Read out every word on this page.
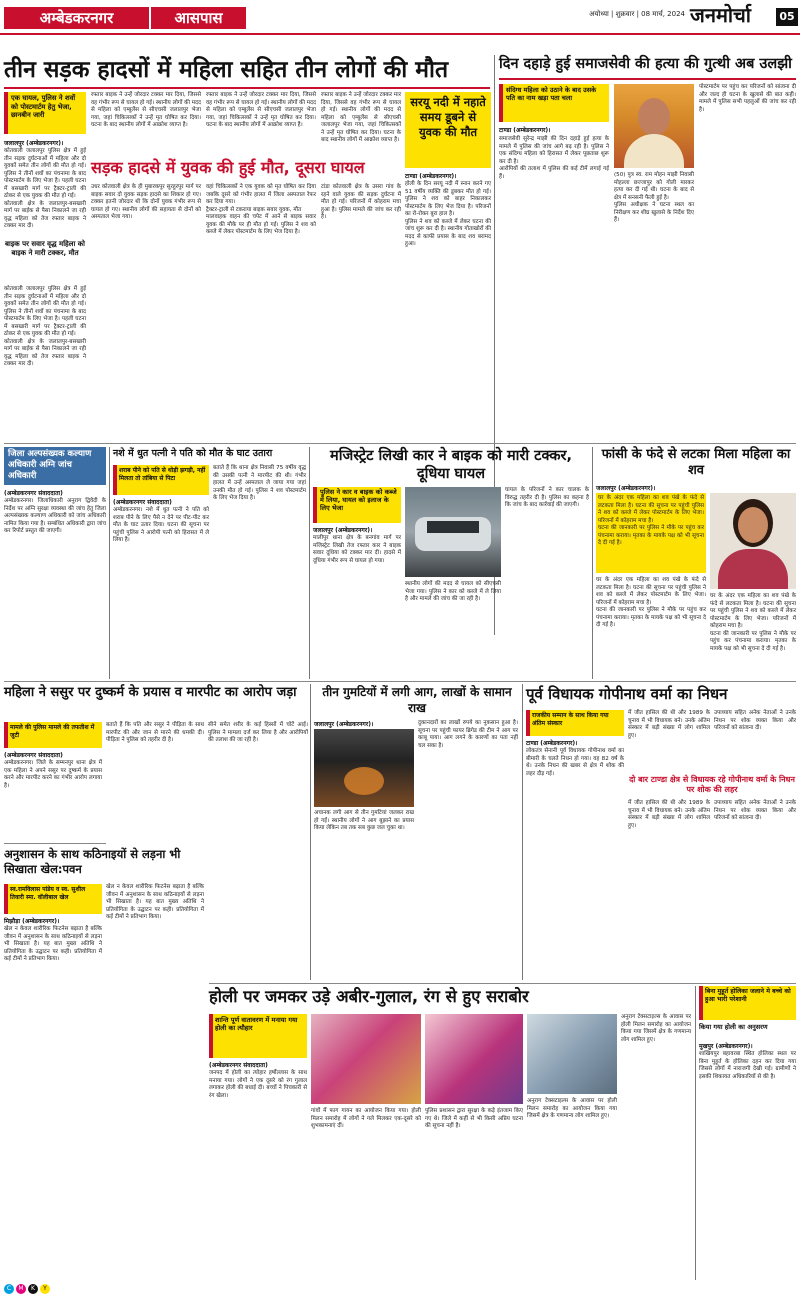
अम्बेडकरनगर	आसपास	अयोध्या | शुक्रवार | 08 मार्च, 2024 जनमोर्चा	05
तीन सड़क हादसों में महिला सहित तीन लोगों की मौत
एक घायल, पुलिस ने शवों को पोस्टमार्टम हेतु भेजा, छानबीन जारी
जलालपुर (अम्बेडकरनगर)।
कोतवाली जलालपुर पुलिस क्षेत्र में हुई तीन सड़क दुर्घटनाओं में महिला और दो युवकों समेत तीन लोगों की मौत हो गई। पुलिस ने तीनों शवों का पंचनामा के बाद पोस्टमार्टम के लिए भेजा है। पहली घटना में बसखारी मार्ग पर ट्रैक्टर-ट्राली की ठोकर से एक युवक की मौत हो गई।
कोतवाली क्षेत्र के जलालपुर-बसखारी मार्ग पर बाईक से पैसा निकालने जा रही वृद्ध महिला को तेज रफ्तार बाइक ने टक्कर मार दी।
बाइक पर सवार वृद्ध महिला को बाइक ने मारी टक्कर, मौत
कोतवाली जलालपुर पुलिस क्षेत्र में हुई तीन सड़क दुर्घटनाओं में महिला और दो युवकों समेत तीन लोगों की मौत हो गई। पुलिस ने तीनों शवों का पंचनामा के बाद पोस्टमार्टम के लिए भेजा है। पहली घटना में बसखारी मार्ग पर ट्रैक्टर-ट्राली की ठोकर से एक युवक की मौत हो गई।
कोतवाली क्षेत्र के जलालपुर-बसखारी मार्ग पर बाईक से पैसा निकालने जा रही वृद्ध महिला को तेज रफ्तार बाइक ने टक्कर मार दी।
रफ्तार बाइक ने उन्हें जोरदार टक्कर मार दिया, जिससे वह गंभीर रूप से घायल हो गई। स्थानीय लोगों की मदद से महिला को एम्बुलेंस से सीएचसी जलालपुर भेजा गया, जहां चिकित्सकों ने उन्हें मृत घोषित कर दिया। घटना के बाद स्थानीय लोगों में आक्रोश व्याप्त है।
रफ्तार बाइक ने उन्हें जोरदार टक्कर मार दिया, जिससे वह गंभीर रूप से घायल हो गई। स्थानीय लोगों की मदद से महिला को एम्बुलेंस से सीएचसी जलालपुर भेजा गया, जहां चिकित्सकों ने उन्हें मृत घोषित कर दिया। घटना के बाद स्थानीय लोगों में आक्रोश व्याप्त है।
रफ्तार बाइक ने उन्हें जोरदार टक्कर मार दिया, जिससे वह गंभीर रूप से घायल हो गई। स्थानीय लोगों की मदद से महिला को एम्बुलेंस से सीएचसी जलालपुर भेजा गया, जहां चिकित्सकों ने उन्हें मृत घोषित कर दिया। घटना के बाद स्थानीय लोगों में आक्रोश व्याप्त है।
सड़क हादसे में युवक की हुई मौत, दूसरा घायल
उधर कोतवाली क्षेत्र के ही मुबारकपुर सुरहुरपुर मार्ग पर बाइक सवार दो युवक सड़क हादसे का शिकार हो गए। टक्कर इतनी जोरदार थी कि दोनों युवक गंभीर रूप से घायल हो गए। स्थानीय लोगों की सहायता से दोनों को अस्पताल भेजा गया।
वहां चिकित्सकों ने एक युवक को मृत घोषित कर दिया जबकि दूसरे को गंभीर हालत में जिला अस्पताल रेफर कर दिया गया।
ट्रैक्टर-ट्राली से टकराया बाइक सवार युवक, मौत
मालवाहक वाहन की चपेट में आने से बाइक सवार युवक की मौके पर ही मौत हो गई। पुलिस ने शव को कब्जे में लेकर पोस्टमार्टम के लिए भेज दिया है।
टांडा कोतवाली क्षेत्र के उसरा गांव के रहने वाले युवक की सड़क दुर्घटना में मौत हो गई। परिजनों में कोहराम मचा हुआ है। पुलिस मामले की जांच कर रही है।
सरयू नदी में नहाते समय डूबने से युवक की मौत
टाण्डा (अम्बेडकरनगर)।
होली के दिन सरयू नदी में स्नान करने गए 51 वर्षीय व्यक्ति की डूबकर मौत हो गई। पुलिस ने शव को बाहर निकालकर पोस्टमार्टम के लिए भेज दिया है। परिजनों का रो-रोकर बुरा हाल है।
पुलिस ने शव को कब्जे में लेकर घटना की जांच शुरू कर दी है। स्थानीय गोताखोरों की मदद से काफी प्रयास के बाद शव बरामद हुआ।
दिन दहाड़े हुई समाजसेवी की हत्या की गुत्थी अब उलझी
संदिग्ध महिला को उठाने के बाद उसके पति का नाम खड़ा पता चला
टाण्डा (अम्बेडकरनगर)।
समाजसेवी सुरेन्द्र माझी की दिन दहाड़े हुई हत्या के मामले में पुलिस की जांच आगे बढ़ रही है। पुलिस ने एक संदिग्ध महिला को हिरासत में लेकर पूछताछ शुरू कर दी है।
आरोपियों की तलाश में पुलिस की कई टीमें लगाई गई हैं।	(50) पुत्र स्व. राम मोहन माझी निवासी मोहल्ला छज्जापुर को गोली मारकर हत्या कर दी गई थी। घटना के बाद से क्षेत्र में सनसनी फैली हुई है।
पुलिस अधीक्षक ने घटना स्थल का निरीक्षण कर शीघ्र खुलासे के निर्देश दिए हैं।
पोस्टमार्टम पर पहुंच कर परिजनों को सांत्वना दी और जल्द ही घटना के खुलासे की बात कही। मामले में पुलिस सभी पहलुओं की जांच कर रही है।
जिला अल्पसंख्यक कल्याण अधिकारी अग्नि जांच अधिकारी
(अम्बेडकरनगर संवाददाता)
अम्बेडकरनगर। जिलाधिकारी अनुराग द्विवेदी के निर्देश पर अग्नि सुरक्षा व्यवस्था की जांच हेतु जिला अल्पसंख्यक कल्याण अधिकारी को जांच अधिकारी नामित किया गया है। सम्बंधित अधिकारी द्वारा जांच कर रिपोर्ट प्रस्तुत की जाएगी।
नशे में धुत पत्नी ने पति को मौत के घाट उतारा
शराब पीने को पति से थोड़ी झगड़ी, नहीं मिलता तो तांबिया से पिटा
(अम्बेडकरनगर संवाददाता)
अम्बेडकरनगर। नशे में धुत पत्नी ने पति को शराब पीने के लिए पैसे न देने पर पीट-पीट कर मौत के घाट उतार दिया। घटना की सूचना पर पहुंची पुलिस ने आरोपी पत्नी को हिरासत में ले लिया है।
बताते हैं कि थाना क्षेत्र निवासी 75 वर्षीय वृद्ध की उसकी पत्नी ने मारपीट की थी। गंभीर हालत में उन्हें अस्पताल ले जाया गया जहां उनकी मौत हो गई। पुलिस ने शव पोस्टमार्टम के लिए भेज दिया है।
मजिस्ट्रेट लिखी कार ने बाइक को मारी टक्कर, दूधिया घायल
पुलिस ने कार व बाइक को कब्जे में लिया, घायल को इलाज के लिए भेजा
जलालपुर (अम्बेडकरनगर)।
मालीपुर थाना क्षेत्र के बनगांव मार्ग पर मजिस्ट्रेट लिखी तेज रफ्तार कार ने बाइक सवार दूधिया को टक्कर मार दी। हादसे में दूधिया गंभीर रूप से घायल हो गया।
स्थानीय लोगों की मदद से घायल को सीएचसी भेजा गया। पुलिस ने कार को कब्जे में ले लिया है और मामले की जांच की जा रही है।
घायल के परिजनों ने कार चालक के विरुद्ध तहरीर दी है। पुलिस का कहना है कि जांच के बाद कार्रवाई की जाएगी।
फांसी के फंदे से लटका मिला महिला का शव
जलालपुर (अम्बेडकरनगर)।
घर के अंदर एक महिला का शव पंखे के फंदे से लटकता मिला है। घटना की सूचना पर पहुंची पुलिस ने शव को कब्जे में लेकर पोस्टमार्टम के लिए भेजा। परिजनों में कोहराम मचा है।
घटना की जानकारी पर पुलिस ने मौके पर पहुंच कर पंचनामा कराया। मृतका के मायके पक्ष को भी सूचना दे दी गई है।
घर के अंदर एक महिला का शव पंखे के फंदे से लटकता मिला है। घटना की सूचना पर पहुंची पुलिस ने शव को कब्जे में लेकर पोस्टमार्टम के लिए भेजा। परिजनों में कोहराम मचा है।
घटना की जानकारी पर पुलिस ने मौके पर पहुंच कर पंचनामा कराया। मृतका के मायके पक्ष को भी सूचना दे दी गई है।
घर के अंदर एक महिला का शव पंखे के फंदे से लटकता मिला है। घटना की सूचना पर पहुंची पुलिस ने शव को कब्जे में लेकर पोस्टमार्टम के लिए भेजा। परिजनों में कोहराम मचा है।
घटना की जानकारी पर पुलिस ने मौके पर पहुंच कर पंचनामा कराया। मृतका के मायके पक्ष को भी सूचना दे दी गई है।
महिला ने ससुर पर दुष्कर्म के प्रयास व मारपीट का आरोप जड़ा
मामले की पुलिस मामले की तफतीश में जुटी
(अम्बेडकरनगर संवाददाता)
अम्बेडकरनगर। जिले के सम्मनपुर थाना क्षेत्र में एक महिला ने अपने ससुर पर दुष्कर्म के प्रयास करने और मारपीट करने का गंभीर आरोप लगाया है।
बताते हैं कि पति और ससुर ने पीड़िता के साथ मारपीट की और जान से मारने की धमकी दी। पीड़िता ने पुलिस को तहरीर दी है।
सीने समेत शरीर के कई हिस्सों में चोटें आई। पुलिस ने मामला दर्ज कर लिया है और आरोपियों की तलाश की जा रही है।
अनुशासन के साथ कठिनाइयों से लड़ना भी सिखाता खेल:पवन
स्व.रामविलास पांडेय व स्व. सुशील तिवारी स्मा. वॉलीबाल खेल
मिझौड़ा (अम्बेडकरनगर)।
खेल न केवल शारीरिक फिटनेस बढ़ाता है बल्कि जीवन में अनुशासन के साथ कठिनाइयों से लड़ना भी सिखाता है। यह बात मुख्य अतिथि ने प्रतियोगिता के उद्घाटन पर कही। प्रतियोगिता में कई टीमों ने प्रतिभाग किया।
खेल न केवल शारीरिक फिटनेस बढ़ाता है बल्कि जीवन में अनुशासन के साथ कठिनाइयों से लड़ना भी सिखाता है। यह बात मुख्य अतिथि ने प्रतियोगिता के उद्घाटन पर कही। प्रतियोगिता में कई टीमों ने प्रतिभाग किया।
तीन गुमटियों में लगी आग, लाखों के सामान राख
जलालपुर (अम्बेडकरनगर)।
अचानक लगी आग से तीन गुमटियां जलकर राख हो गईं। स्थानीय लोगों ने आग बुझाने का प्रयास किया लेकिन तब तक सब कुछ जल चुका था।
दुकानदारों का लाखों रुपये का नुकसान हुआ है। सूचना पर पहुंची फायर ब्रिगेड की टीम ने आग पर काबू पाया। आग लगने के कारणों का पता नहीं चल सका है।
पूर्व विधायक गोपीनाथ वर्मा का निधन
राजकीय सम्मान के साथ किया गया अंतिम संस्कार
टाण्डा (अम्बेडकरनगर)।
लोकतंत्र सेनानी पूर्व विधायक गोपीनाथ वर्मा का बीमारी के चलते निधन हो गया। वह 82 वर्ष के थे। उनके निधन की खबर से क्षेत्र में शोक की लहर दौड़ गई।
में जीत हासिल की थी और 1989 के चुनाव में भी विधायक बने। उनके अंतिम संस्कार में बड़ी संख्या में लोग शामिल हुए।
उपाध्याय सहित अनेक नेताओं ने उनके निधन पर शोक व्यक्त किया और परिजनों को सांत्वना दी।
दो बार टाण्डा क्षेत्र से विधायक रहे गोपीनाथ वर्मा के निधन पर शोक की लहर
में जीत हासिल की थी और 1989 के चुनाव में भी विधायक बने। उनके अंतिम संस्कार में बड़ी संख्या में लोग शामिल हुए।
उपाध्याय सहित अनेक नेताओं ने उनके निधन पर शोक व्यक्त किया और परिजनों को सांत्वना दी।
होली पर जमकर उड़े अबीर-गुलाल, रंग से हुए सराबोर
शान्ति पूर्ण वातावरण में मनाया गया होली का त्यौहार
(अम्बेडकरनगर संवाददाता)
जनपद में होली का त्योहार हर्षोल्लास के साथ मनाया गया। लोगों ने एक दूसरे को रंग गुलाल लगाकर होली की बधाई दी। बच्चों ने पिचकारी से रंग खेला।
गांवों में फाग गायन का आयोजन किया गया। होली मिलन समारोह में लोगों ने गले मिलकर एक-दूसरे को शुभकामनाएं दीं।
पुलिस प्रशासन द्वारा सुरक्षा के कड़े इंतजाम किए गए थे। जिले में कहीं से भी किसी अप्रिय घटना की सूचना नहीं है।
अनुराग टेक्सटाइल्स के आवास पर होली मिलन समारोह का आयोजन किया गया जिसमें क्षेत्र के गणमान्य लोग शामिल हुए।
अनुराग टेक्सटाइल्स के आवास पर होली मिलन समारोह का आयोजन किया गया जिसमें क्षेत्र के गणमान्य लोग शामिल हुए।
बिना मुहूर्त होलिका जलाने मे बच्चे को हुआ भारी परेशानी
किया गया होली का अनुसरण
मुखपुर (अम्बेडकरनगर)।
शाखियपुर बहावरबा स्थित होलिका स्थल पर बिना मुहूर्त के होलिका दहन कर दिया गया जिससे लोगों में नाराजगी देखी गई। ग्रामीणों ने इसकी शिकायत अधिकारियों से की है।
C	M	K	Y
